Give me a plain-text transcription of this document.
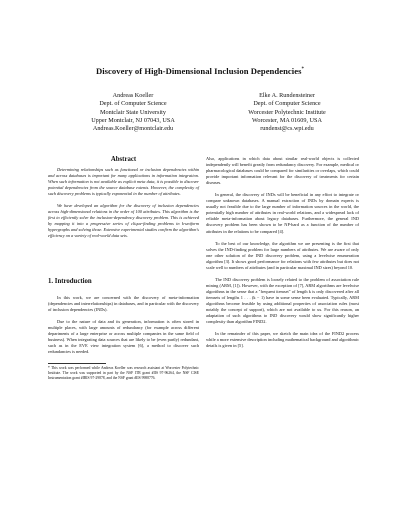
Discovery of High-Dimensional Inclusion Dependencies*
Andreas Koeller
Dept. of Computer Science
Montclair State University
Upper Montclair, NJ 07043, USA
Andreas.Koeller@montclair.edu
Elke A. Rundensteiner
Dept. of Computer Science
Worcester Polytechnic Institute
Worcester, MA 01609, USA
rundenst@cs.wpi.edu
Abstract

Determining relationships such as functional or inclusion dependencies within and across databases is important for many applications in information integration. When such information is not available as explicit meta data, it is possible to discover potential dependencies from the source database extents. However, the complexity of such discovery problems is typically exponential in the number of attributes.

We have developed an algorithm for the discovery of inclusion dependencies across high-dimensional relations in the order of 100 attributes. This algorithm is the first to efficiently solve the inclusion-dependency discovery problem. This is achieved by mapping it into a progressive series of clique-finding problems in k-uniform hypergraphs and solving those. Extensive experimental studies confirm the algorithm's efficiency on a variety of real-world data sets.

1. Introduction

In this work, we are concerned with the discovery of meta-information (dependencies and interrelationships) in databases, and in particular with the discovery of inclusion dependencies (INDs).

Due to the nature of data and its generation, information is often stored in multiple places, with large amounts of redundancy (for example across different departments of a large enterprise or across multiple companies in the same field of business). When integrating data sources that are likely to be (even partly) redundant, such as in the EVE view integration system [6], a method to discover such redundancies is needed.

* This work was performed while Andreas Koeller was research assistant at Worcester Polytechnic Institute. The work was supported in part by the NSF ITR grant #IIS 97-96264, the NSF CISE Instrumentation grant #IRIS 97-29878, and the NSF grant #IIS 9988776.

Also, applications in which data about similar real-world objects is collected independently will benefit greatly from redundancy discovery. For example, medical or pharmacological databases could be compared for similarities or overlaps, which could provide important information relevant for the discovery of treatments for certain diseases.

In general, the discovery of INDs will be beneficial in any effort to integrate or compare unknown databases. A manual extraction of INDs by domain experts is usually not feasible due to the large number of information sources in the world, the potentially high number of attributes in real-world relations, and a widespread lack of reliable meta-information about legacy databases. Furthermore, the general IND discovery problem has been shown to be NP-hard as a function of the number of attributes in the relations to be compared [4].

To the best of our knowledge, the algorithm we are presenting is the first that solves the IND-finding problem for large numbers of attributes. We are aware of only one other solution of the IND discovery problem, using a levelwise enumeration algorithm [3]. It shows good performance for relations with few attributes but does not scale well to numbers of attributes (and in particular maximal IND sizes) beyond 10.

The IND discovery problem is loosely related to the problem of association rule mining (ARM, [1]). However, with the exception of [7], ARM algorithms are levelwise algorithms in the sense that a "frequent itemset" of length k is only discovered after all itemsets of lengths 1 . . . (k − 1) have in some sense been evaluated. Typically, ARM algorithms become feasible by using additional properties of association rules (most notably the concept of support), which are not available to us. For this reason, an adaptation of such algorithms to IND discovery would show significantly higher complexity than algorithm FIND2.

In the remainder of this paper, we sketch the main idea of the FIND2 process while a more extensive description including mathematical background and algorithmic details is given in [5].
